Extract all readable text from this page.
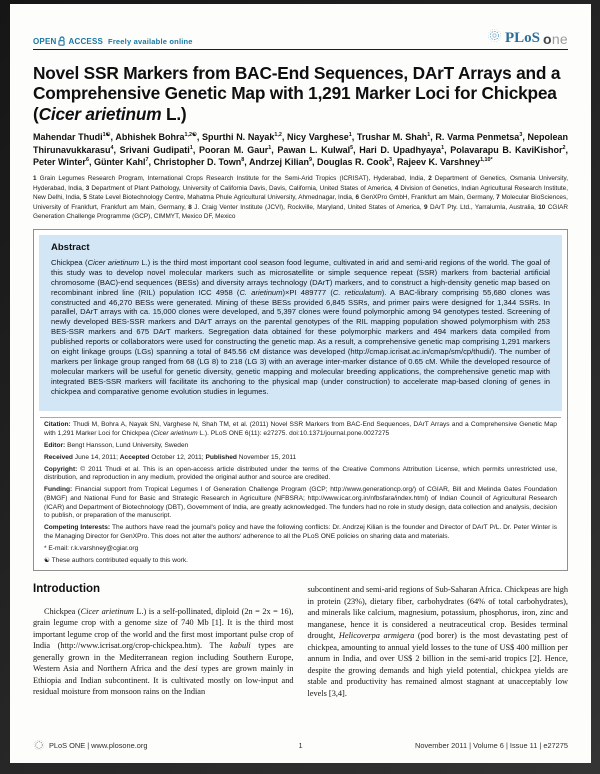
OPEN ACCESS Freely available online	PLoS one
Novel SSR Markers from BAC-End Sequences, DArT Arrays and a Comprehensive Genetic Map with 1,291 Marker Loci for Chickpea (Cicer arietinum L.)
Mahendar Thudi$^{1☯}$, Abhishek Bohra$^{1,2☯}$, Spurthi N. Nayak$^{1,2}$, Nicy Varghese$^1$, Trushar M. Shah$^1$, R. Varma Penmetsa$^3$, Nepolean Thirunavukkarasu$^4$, Srivani Gudipati$^1$, Pooran M. Gaur$^1$, Pawan L. Kulwal$^5$, Hari D. Upadhyaya$^1$, Polavarapu B. KaviKishor$^2$, Peter Winter$^6$, Günter Kahl$^7$, Christopher D. Town$^8$, Andrzej Kilian$^9$, Douglas R. Cook$^3$, Rajeev K. Varshney$^{1,10*}$
1 Grain Legumes Research Program, International Crops Research Institute for the Semi-Arid Tropics (ICRISAT), Hyderabad, India, 2 Department of Genetics, Osmania University, Hyderabad, India, 3 Department of Plant Pathology, University of California Davis, Davis, California, United States of America, 4 Division of Genetics, Indian Agricultural Research Institute, New Delhi, India, 5 State Level Biotechnology Centre, Mahatma Phule Agricultural University, Ahmednagar, India, 6 GenXPro GmbH, Frankfurt am Main, Germany, 7 Molecular BioSciences, University of Frankfurt, Frankfurt am Main, Germany, 8 J. Craig Venter Institute (JCVI), Rockville, Maryland, United States of America, 9 DArT Pty. Ltd., Yarralumla, Australia, 10 CGIAR Generation Challenge Programme (GCP), CIMMYT, Mexico DF, Mexico
Abstract

Chickpea (Cicer arietinum L.) is the third most important cool season food legume, cultivated in arid and semi-arid regions of the world. The goal of this study was to develop novel molecular markers such as microsatellite or simple sequence repeat (SSR) markers from bacterial artificial chromosome (BAC)-end sequences (BESs) and diversity arrays technology (DArT) markers, and to construct a high-density genetic map based on recombinant inbred line (RIL) population ICC 4958 (C. arietinum)×PI 489777 (C. reticulatum). A BAC-library comprising 55,680 clones was constructed and 46,270 BESs were generated. Mining of these BESs provided 6,845 SSRs, and primer pairs were designed for 1,344 SSRs. In parallel, DArT arrays with ca. 15,000 clones were developed, and 5,397 clones were found polymorphic among 94 genotypes tested. Screening of newly developed BES-SSR markers and DArT arrays on the parental genotypes of the RIL mapping population showed polymorphism with 253 BES-SSR markers and 675 DArT markers. Segregation data obtained for these polymorphic markers and 494 markers data compiled from published reports or collaborators were used for constructing the genetic map. As a result, a comprehensive genetic map comprising 1,291 markers on eight linkage groups (LGs) spanning a total of 845.56 cM distance was developed (http://cmap.icrisat.ac.in/cmap/sm/cp/thudi/). The number of markers per linkage group ranged from 68 (LG 8) to 218 (LG 3) with an average inter-marker distance of 0.65 cM. While the developed resource of molecular markers will be useful for genetic diversity, genetic mapping and molecular breeding applications, the comprehensive genetic map with integrated BES-SSR markers will facilitate its anchoring to the physical map (under construction) to accelerate map-based cloning of genes in chickpea and comparative genome evolution studies in legumes.

Citation: Thudi M, Bohra A, Nayak SN, Varghese N, Shah TM, et al. (2011) Novel SSR Markers from BAC-End Sequences, DArT Arrays and a Comprehensive Genetic Map with 1,291 Marker Loci for Chickpea (Cicer arietinum L.). PLoS ONE 6(11): e27275. doi:10.1371/journal.pone.0027275

Editor: Bengt Hansson, Lund University, Sweden

Received June 14, 2011; Accepted October 12, 2011; Published November 15, 2011

Copyright: © 2011 Thudi et al. This is an open-access article distributed under the terms of the Creative Commons Attribution License, which permits unrestricted use, distribution, and reproduction in any medium, provided the original author and source are credited.

Funding: Financial support from Tropical Legumes I of Generation Challenge Program (GCP; http://www.generationcp.org/) of CGIAR, Bill and Melinda Gates Foundation (BMGF) and National Fund for Basic and Strategic Research in Agriculture (NFBSRA; http://www.icar.org.in/nfbsfara/index.html) of Indian Council of Agricultural Research (ICAR) and Department of Biotechnology (DBT), Government of India, are greatly acknowledged. The funders had no role in study design, data collection and analysis, decision to publish, or preparation of the manuscript.

Competing Interests: The authors have read the journal's policy and have the following conflicts: Dr. Andrzej Kilian is the founder and Director of DArT P/L. Dr. Peter Winter is the Managing Director for GenXPro. This does not alter the authors' adherence to all the PLoS ONE policies on sharing data and materials.

* E-mail: r.k.varshney@cgiar.org

☯ These authors contributed equally to this work.

Introduction

Chickpea (Cicer arietinum L.) is a self-pollinated, diploid (2n = 2x = 16), grain legume crop with a genome size of 740 Mb [1]. It is the third most important legume crop of the world and the first most important pulse crop of India (http://www.icrisat.org/crop-chickpea.htm). The kabuli types are generally grown in the Mediterranean region including Southern Europe, Western Asia and Northern Africa and the desi types are grown mainly in Ethiopia and Indian subcontinent. It is cultivated mostly on low-input and residual moisture from monsoon rains on the Indian

subcontinent and semi-arid regions of Sub-Saharan Africa. Chickpeas are high in protein (23%), dietary fiber, carbohydrates (64% of total carbohydrates), and minerals like calcium, magnesium, potassium, phosphorus, iron, zinc and manganese, hence it is considered a neutraceutical crop. Besides terminal drought, Helicoverpa armigera (pod borer) is the most devastating pest of chickpea, amounting to annual yield losses to the tune of US$ 400 million per annum in India, and over US$ 2 billion in the semi-arid tropics [2]. Hence, despite the growing demands and high yield potential, chickpea yields are stable and productivity has remained almost stagnant at unacceptably low levels [3,4].

PLoS ONE | www.plosone.org	1	November 2011 | Volume 6 | Issue 11 | e27275
